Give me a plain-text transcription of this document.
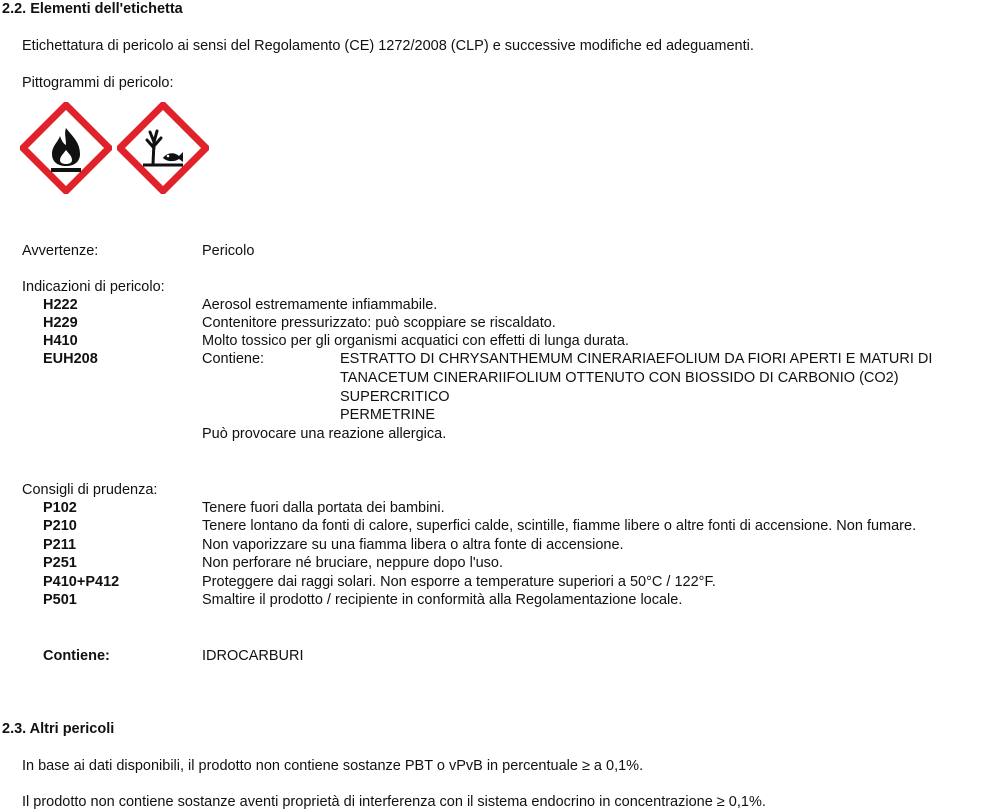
2.2. Elementi dell'etichetta
Etichettatura di pericolo ai sensi del Regolamento (CE) 1272/2008 (CLP) e successive modifiche ed adeguamenti.
Pittogrammi di pericolo:
Avvertenze:	Pericolo
Indicazioni di pericolo:
H222	Aerosol estremamente infiammabile.
H229	Contenitore pressurizzato: può scoppiare se riscaldato.
H410	Molto tossico per gli organismi acquatici con effetti di lunga durata.
EUH208	Contiene:	ESTRATTO DI CHRYSANTHEMUM CINERARIAEFOLIUM DA FIORI APERTI E MATURI DI
TANACETUM CINERARIIFOLIUM OTTENUTO CON BIOSSIDO DI CARBONIO (CO2)
SUPERCRITICO
PERMETRINE
Può provocare una reazione allergica.
Consigli di prudenza:
P102	Tenere fuori dalla portata dei bambini.
P210	Tenere lontano da fonti di calore, superfici calde, scintille, fiamme libere o altre fonti di accensione. Non fumare.
P211	Non vaporizzare su una fiamma libera o altra fonte di accensione.
P251	Non perforare né bruciare, neppure dopo l'uso.
P410+P412	Proteggere dai raggi solari. Non esporre a temperature superiori a 50°C / 122°F.
P501	Smaltire il prodotto / recipiente in conformità alla Regolamentazione locale.
Contiene:	IDROCARBURI
2.3. Altri pericoli
In base ai dati disponibili, il prodotto non contiene sostanze PBT o vPvB in percentuale ≥ a 0,1%.
Il prodotto non contiene sostanze aventi proprietà di interferenza con il sistema endocrino in concentrazione ≥ 0,1%.
